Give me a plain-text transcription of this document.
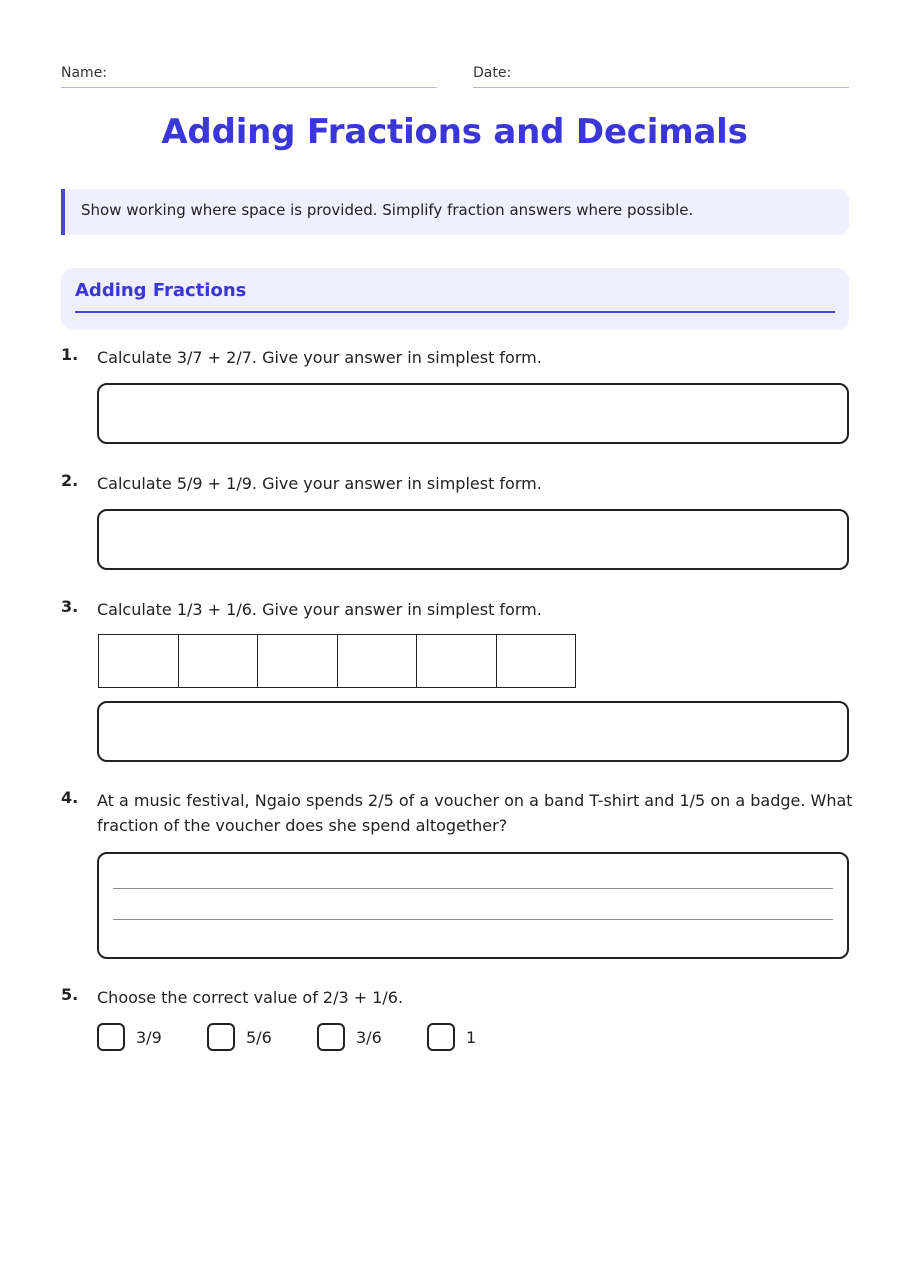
Name:	Date:
Adding Fractions and Decimals
Show working where space is provided. Simplify fraction answers where possible.
Adding Fractions
1. Calculate 3/7 + 2/7. Give your answer in simplest form.
2. Calculate 5/9 + 1/9. Give your answer in simplest form.
3. Calculate 1/3 + 1/6. Give your answer in simplest form.
4. At a music festival, Ngaio spends 2/5 of a voucher on a band T-shirt and 1/5 on a badge. What
fraction of the voucher does she spend altogether?
5. Choose the correct value of 2/3 + 1/6.
3/9	5/6	3/6	1
